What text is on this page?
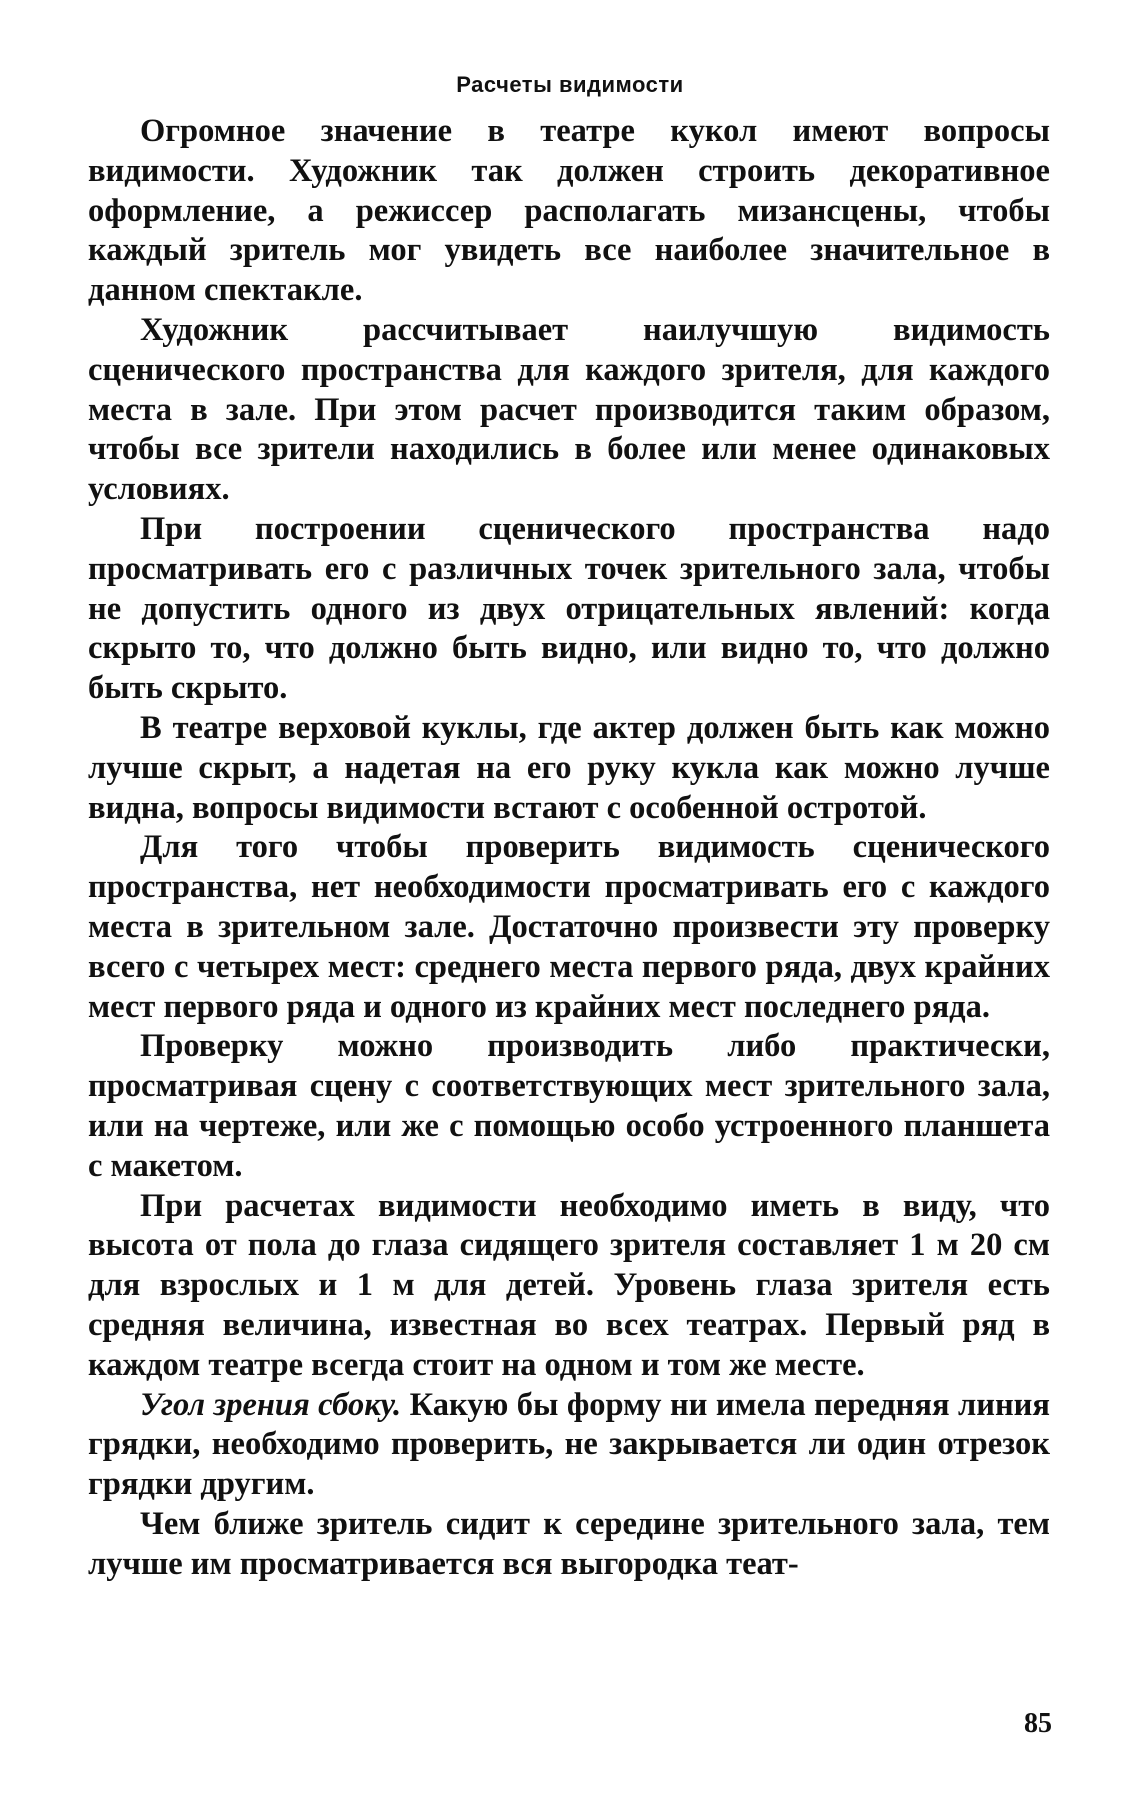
Расчеты видимости

Огромное значение в театре кукол имеют вопросы видимости. Художник так должен строить декоративное оформление, а режиссер располагать мизансцены, чтобы каждый зритель мог увидеть все наиболее значительное в данном спектакле.

Художник рассчитывает наилучшую видимость сценического пространства для каждого зрителя, для каждого места в зале. При этом расчет производится таким образом, чтобы все зрители находились в более или менее одинаковых условиях.

При построении сценического пространства надо просматривать его с различных точек зрительного зала, чтобы не допустить одного из двух отрицательных явлений: когда скрыто то, что должно быть видно, или видно то, что должно быть скрыто.

В театре верховой куклы, где актер должен быть как можно лучше скрыт, а надетая на его руку кукла как можно лучше видна, вопросы видимости встают с особенной остротой.

Для того чтобы проверить видимость сценического пространства, нет необходимости просматривать его с каждого места в зрительном зале. Достаточно произвести эту проверку всего с четырех мест: среднего места первого ряда, двух крайних мест первого ряда и одного из крайних мест последнего ряда.

Проверку можно производить либо практически, просматривая сцену с соответствующих мест зрительного зала, или на чертеже, или же с помощью особо устроенного планшета с макетом.

При расчетах видимости необходимо иметь в виду, что высота от пола до глаза сидящего зрителя составляет 1 м 20 см для взрослых и 1 м для детей. Уровень глаза зрителя есть средняя величина, известная во всех театрах. Первый ряд в каждом театре всегда стоит на одном и том же месте.

Угол зрения сбоку. Какую бы форму ни имела передняя линия грядки, необходимо проверить, не закрывается ли один отрезок грядки другим.

Чем ближе зритель сидит к середине зрительного зала, тем лучше им просматривается вся выгородка теат-

85
